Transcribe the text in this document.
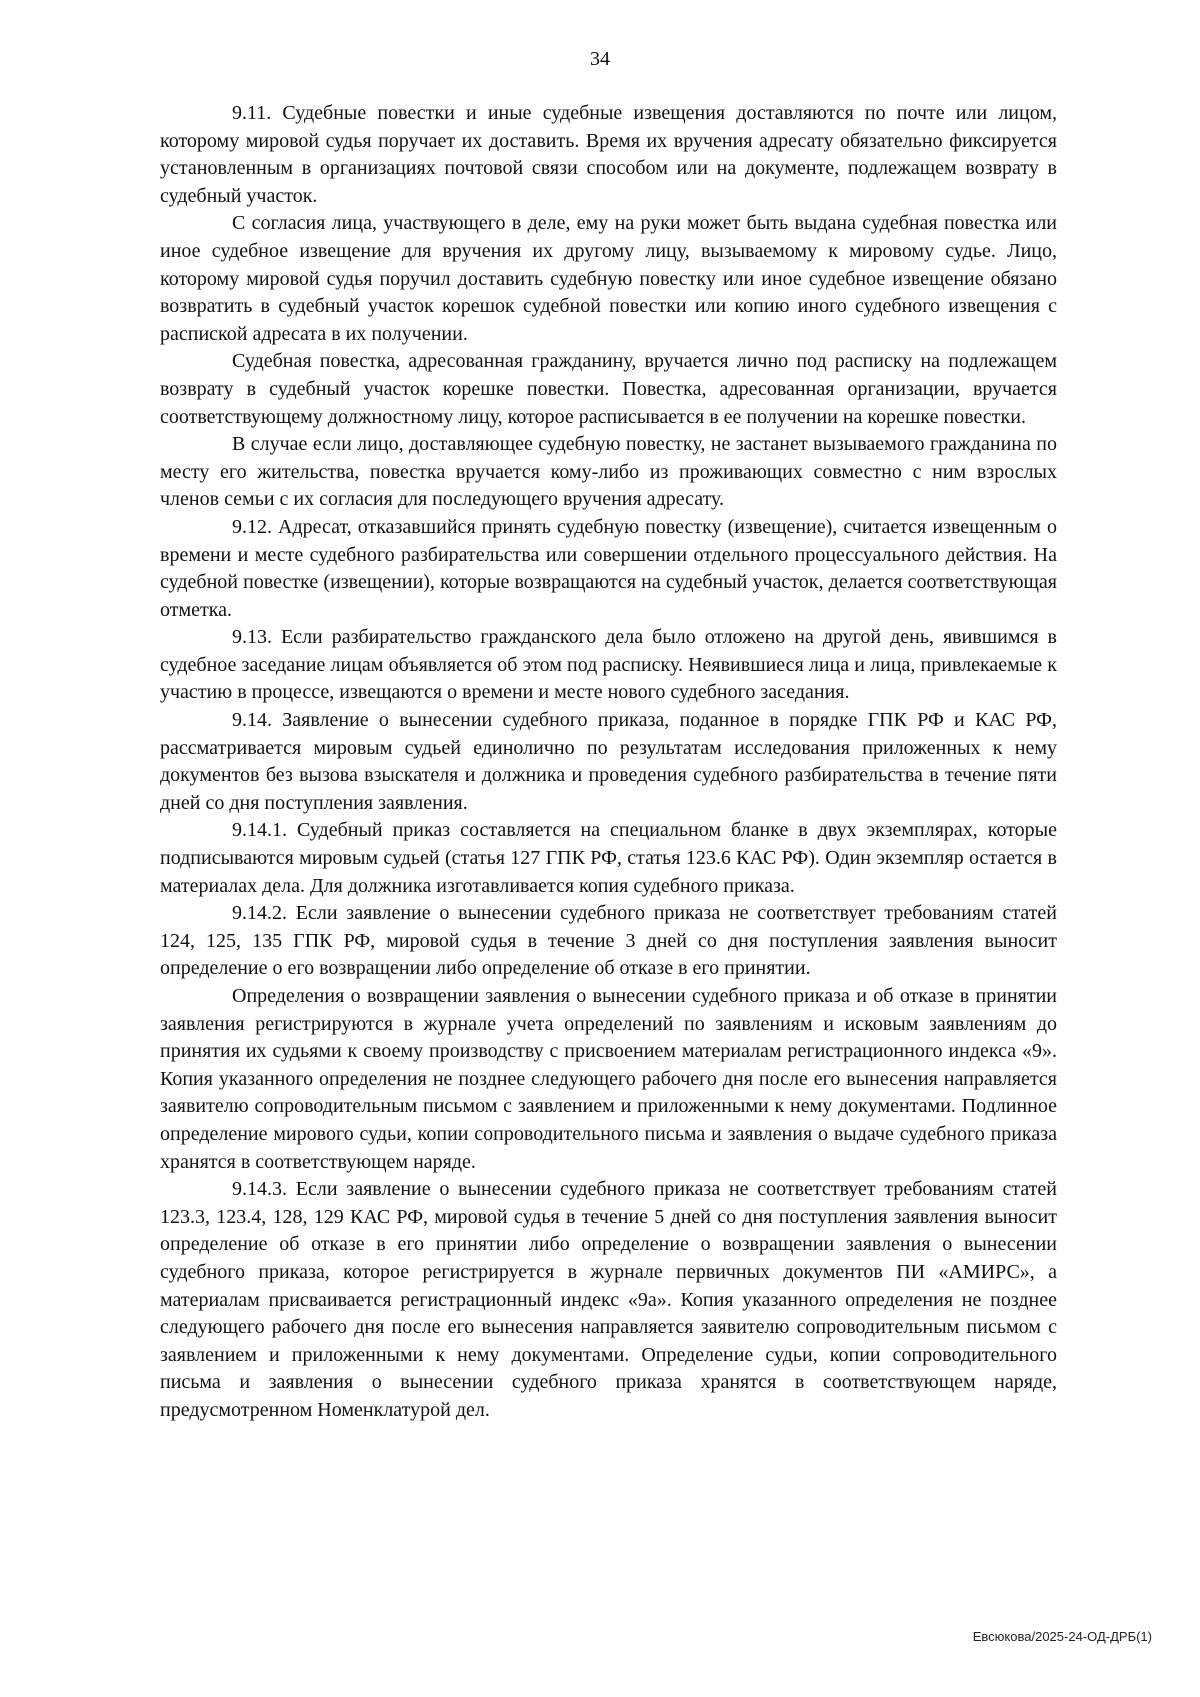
34

9.11. Судебные повестки и иные судебные извещения доставляются по почте или лицом, которому мировой судья поручает их доставить. Время их вручения адресату обязательно фиксируется установленным в организациях почтовой связи способом или на документе, подлежащем возврату в судебный участок.

С согласия лица, участвующего в деле, ему на руки может быть выдана судебная повестка или иное судебное извещение для вручения их другому лицу, вызываемому к мировому судье. Лицо, которому мировой судья поручил доставить судебную повестку или иное судебное извещение обязано возвратить в судебный участок корешок судебной повестки или копию иного судебного извещения с распиской адресата в их получении.

Судебная повестка, адресованная гражданину, вручается лично под расписку на подлежащем возврату в судебный участок корешке повестки. Повестка, адресованная организации, вручается соответствующему должностному лицу, которое расписывается в ее получении на корешке повестки.

В случае если лицо, доставляющее судебную повестку, не застанет вызываемого гражданина по месту его жительства, повестка вручается кому-либо из проживающих совместно с ним взрослых членов семьи с их согласия для последующего вручения адресату.

9.12. Адресат, отказавшийся принять судебную повестку (извещение), считается извещенным о времени и месте судебного разбирательства или совершении отдельного процессуального действия. На судебной повестке (извещении), которые возвращаются на судебный участок, делается соответствующая отметка.

9.13. Если разбирательство гражданского дела было отложено на другой день, явившимся в судебное заседание лицам объявляется об этом под расписку. Неявившиеся лица и лица, привлекаемые к участию в процессе, извещаются о времени и месте нового судебного заседания.

9.14. Заявление о вынесении судебного приказа, поданное в порядке ГПК РФ и КАС РФ, рассматривается мировым судьей единолично по результатам исследования приложенных к нему документов без вызова взыскателя и должника и проведения судебного разбирательства в течение пяти дней со дня поступления заявления.

9.14.1. Судебный приказ составляется на специальном бланке в двух экземплярах, которые подписываются мировым судьей (статья 127 ГПК РФ, статья 123.6 КАС РФ). Один экземпляр остается в материалах дела. Для должника изготавливается копия судебного приказа.

9.14.2. Если заявление о вынесении судебного приказа не соответствует требованиям статей 124, 125, 135 ГПК РФ, мировой судья в течение 3 дней со дня поступления заявления выносит определение о его возвращении либо определение об отказе в его принятии.

Определения о возвращении заявления о вынесении судебного приказа и об отказе в принятии заявления регистрируются в журнале учета определений по заявлениям и исковым заявлениям до принятия их судьями к своему производству с присвоением материалам регистрационного индекса «9». Копия указанного определения не позднее следующего рабочего дня после его вынесения направляется заявителю сопроводительным письмом с заявлением и приложенными к нему документами. Подлинное определение мирового судьи, копии сопроводительного письма и заявления о выдаче судебного приказа хранятся в соответствующем наряде.

9.14.3. Если заявление о вынесении судебного приказа не соответствует требованиям статей 123.3, 123.4, 128, 129 КАС РФ, мировой судья в течение 5 дней со дня поступления заявления выносит определение об отказе в его принятии либо определение о возвращении заявления о вынесении судебного приказа, которое регистрируется в журнале первичных документов ПИ «АМИРС», а материалам присваивается регистрационный индекс «9а». Копия указанного определения не позднее следующего рабочего дня после его вынесения направляется заявителю сопроводительным письмом с заявлением и приложенными к нему документами. Определение судьи, копии сопроводительного письма и заявления о вынесении судебного приказа хранятся в соответствующем наряде, предусмотренном Номенклатурой дел.

Евсюкова/2025-24-ОД-ДРБ(1)
